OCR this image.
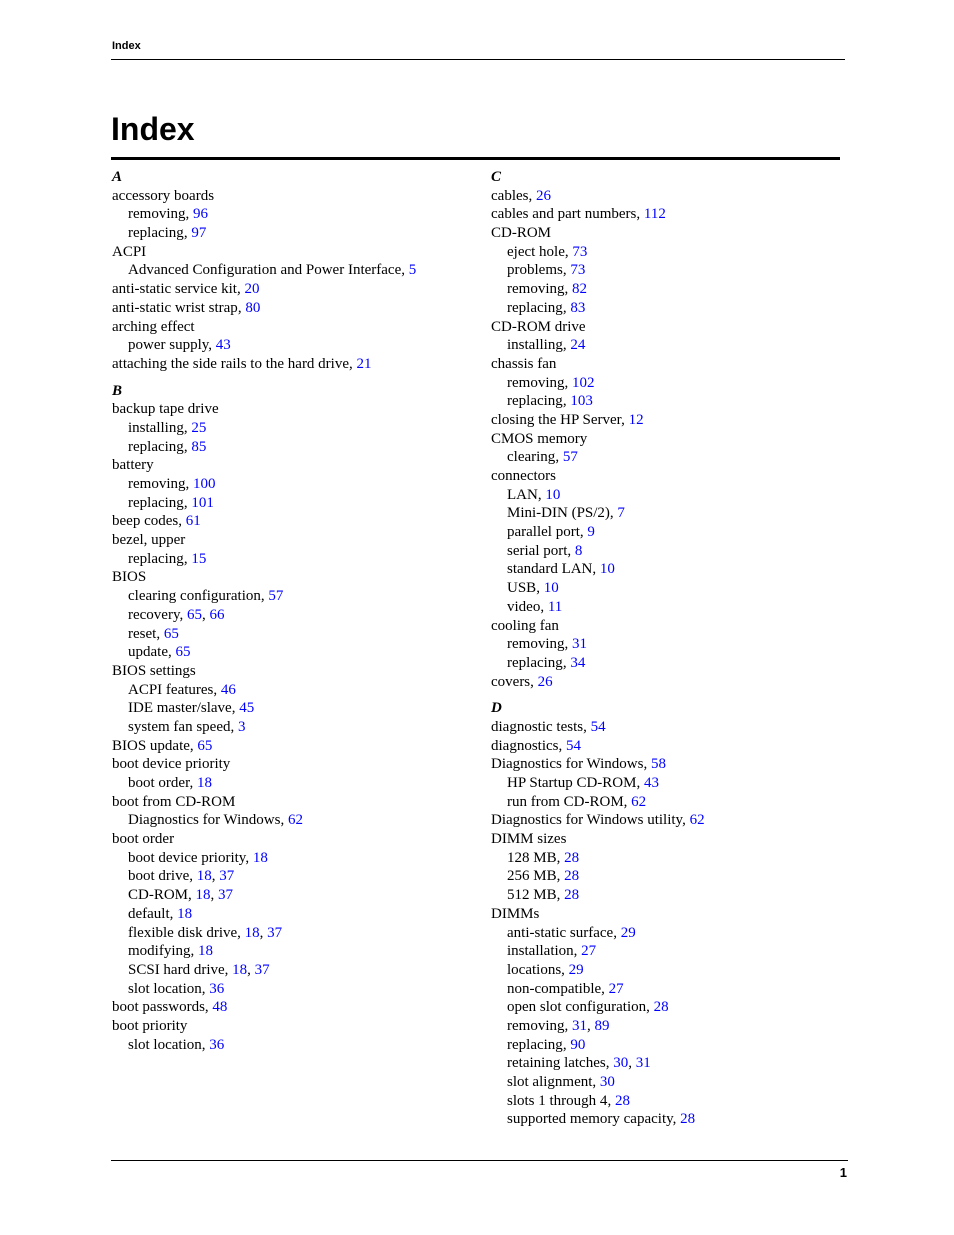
Index
Index
A
accessory boards
removing, 96
replacing, 97
ACPI
Advanced Configuration and Power Interface, 5
anti-static service kit, 20
anti-static wrist strap, 80
arching effect
power supply, 43
attaching the side rails to the hard drive, 21
B
backup tape drive
installing, 25
replacing, 85
battery
removing, 100
replacing, 101
beep codes, 61
bezel, upper
replacing, 15
BIOS
clearing configuration, 57
recovery, 65, 66
reset, 65
update, 65
BIOS settings
ACPI features, 46
IDE master/slave, 45
system fan speed, 3
BIOS update, 65
boot device priority
boot order, 18
boot from CD-ROM
Diagnostics for Windows, 62
boot order
boot device priority, 18
boot drive, 18, 37
CD-ROM, 18, 37
default, 18
flexible disk drive, 18, 37
modifying, 18
SCSI hard drive, 18, 37
slot location, 36
boot passwords, 48
boot priority
slot location, 36
C
cables, 26
cables and part numbers, 112
CD-ROM
eject hole, 73
problems, 73
removing, 82
replacing, 83
CD-ROM drive
installing, 24
chassis fan
removing, 102
replacing, 103
closing the HP Server, 12
CMOS memory
clearing, 57
connectors
LAN, 10
Mini-DIN (PS/2), 7
parallel port, 9
serial port, 8
standard LAN, 10
USB, 10
video, 11
cooling fan
removing, 31
replacing, 34
covers, 26
D
diagnostic tests, 54
diagnostics, 54
Diagnostics for Windows, 58
HP Startup CD-ROM, 43
run from CD-ROM, 62
Diagnostics for Windows utility, 62
DIMM sizes
128 MB, 28
256 MB, 28
512 MB, 28
DIMMs
anti-static surface, 29
installation, 27
locations, 29
non-compatible, 27
open slot configuration, 28
removing, 31, 89
replacing, 90
retaining latches, 30, 31
slot alignment, 30
slots 1 through 4, 28
supported memory capacity, 28
1
